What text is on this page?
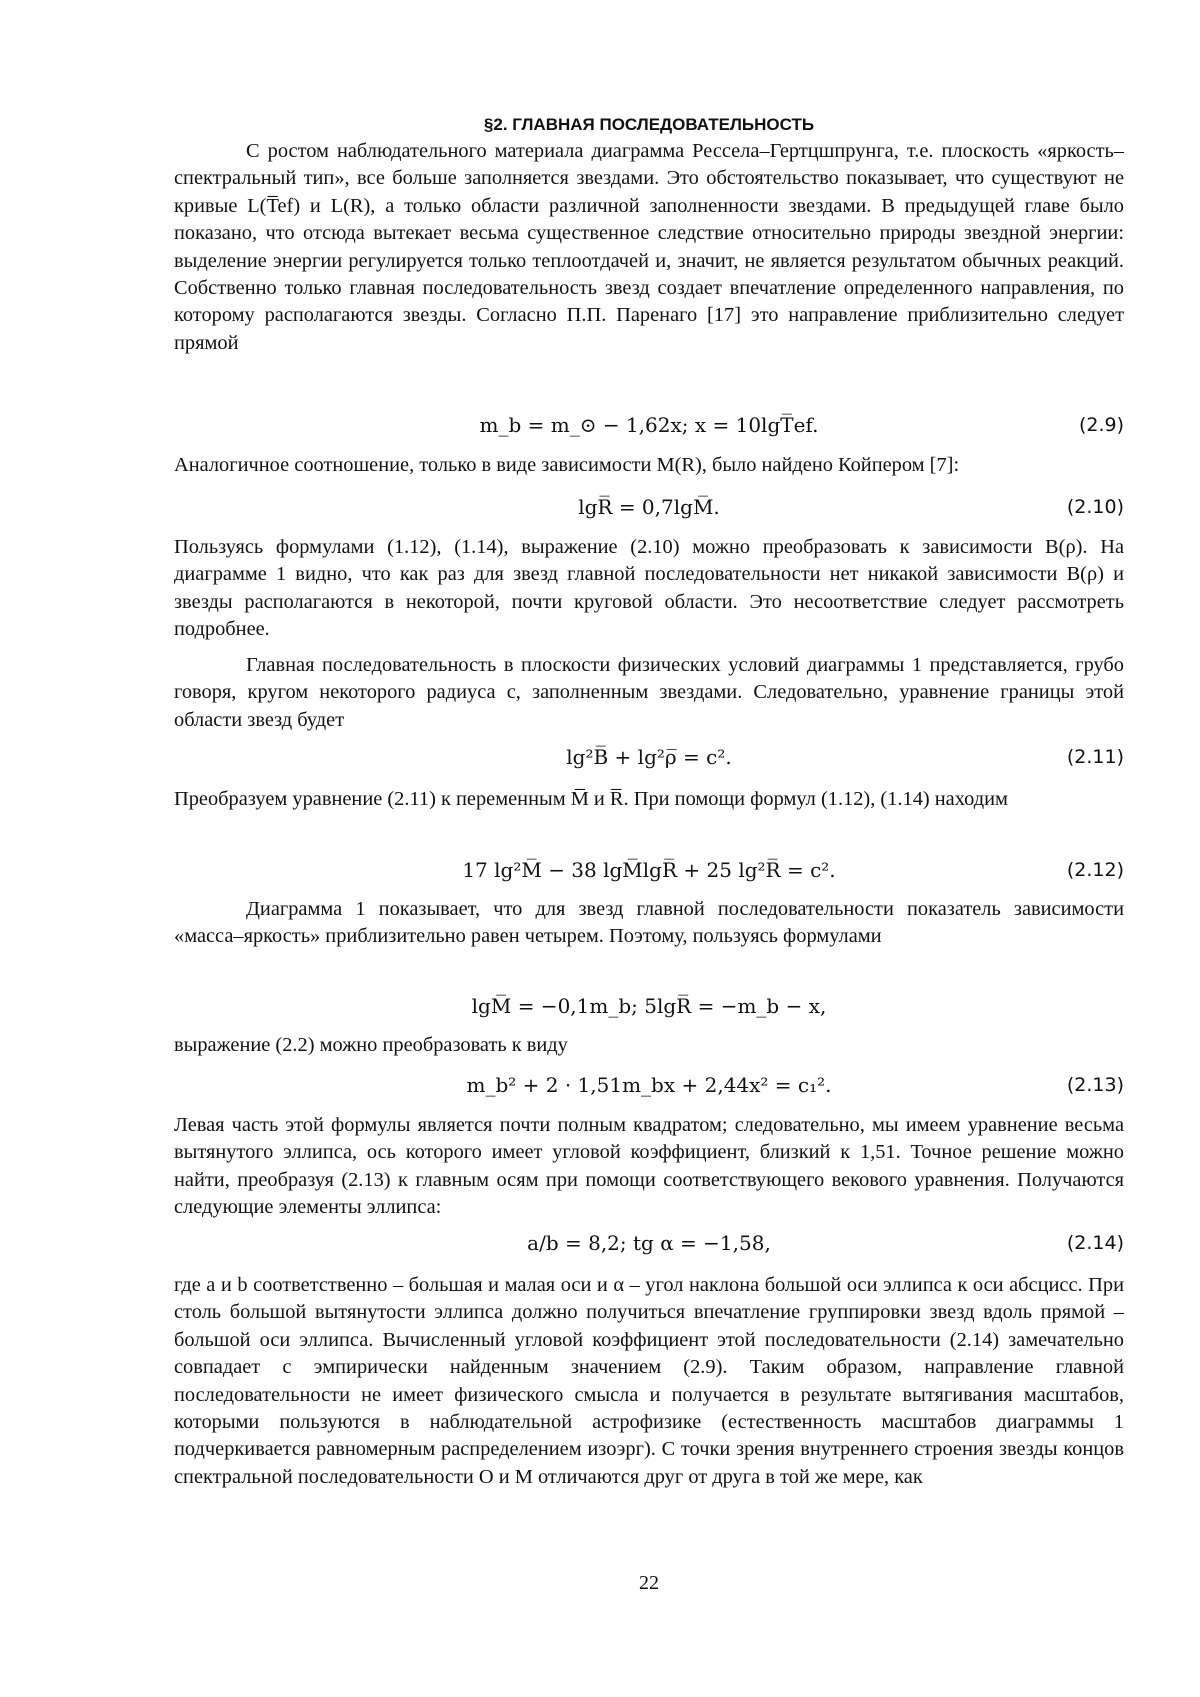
§2. ГЛАВНАЯ ПОСЛЕДОВАТЕЛЬНОСТЬ
С ростом наблюдательного материала диаграмма Рессела–Гертцшпрунга, т.е. плоскость «яркость–спектральный тип», все больше заполняется звездами. Это обстоятельство показывает, что существуют не кривые L(T̅ef) и L(R), а только области различной заполненности звездами. В предыдущей главе было показано, что отсюда вытекает весьма существенное следствие относительно природы звездной энергии: выделение энергии регулируется только теплоотдачей и, значит, не является результатом обычных реакций. Собственно только главная последовательность звезд создает впечатление определенного направления, по которому располагаются звезды. Согласно П.П. Паренаго [17] это направление приблизительно следует прямой
m_b = m_⊙ − 1,62x; x = 10lgT̅ef.	(2.9)
Аналогичное соотношение, только в виде зависимости M(R), было найдено Койпером [7]:
lgR̅ = 0,7lgM̅.	(2.10)
Пользуясь формулами (1.12), (1.14), выражение (2.10) можно преобразовать к зависимости B(ρ). На диаграмме 1 видно, что как раз для звезд главной последовательности нет никакой зависимости B(ρ) и звезды располагаются в некоторой, почти круговой области. Это несоответствие следует рассмотреть подробнее.
Главная последовательность в плоскости физических условий диаграммы 1 представляется, грубо говоря, кругом некоторого радиуса c, заполненным звездами. Следовательно, уравнение границы этой области звезд будет
lg²B̅ + lg²ρ̅ = c².	(2.11)
Преобразуем уравнение (2.11) к переменным M̅ и R̅. При помощи формул (1.12), (1.14) находим
17 lg²M̅ − 38 lgM̅lgR̅ + 25 lg²R̅ = c².	(2.12)
Диаграмма 1 показывает, что для звезд главной последовательности показатель зависимости «масса–яркость» приблизительно равен четырем. Поэтому, пользуясь формулами
lgM̅ = −0,1m_b; 5lgR̅ = −m_b − x,
выражение (2.2) можно преобразовать к виду
m_b² + 2 · 1,51m_bx + 2,44x² = c₁².	(2.13)
Левая часть этой формулы является почти полным квадратом; следовательно, мы имеем уравнение весьма вытянутого эллипса, ось которого имеет угловой коэффициент, близкий к 1,51. Точное решение можно найти, преобразуя (2.13) к главным осям при помощи соответствующего векового уравнения. Получаются следующие элементы эллипса:
a/b = 8,2; tg α = −1,58,	(2.14)
где a и b соответственно – большая и малая оси и α – угол наклона большой оси эллипса к оси абсцисс. При столь большой вытянутости эллипса должно получиться впечатление группировки звезд вдоль прямой – большой оси эллипса. Вычисленный угловой коэффициент этой последовательности (2.14) замечательно совпадает с эмпирически найденным значением (2.9). Таким образом, направление главной последовательности не имеет физического смысла и получается в результате вытягивания масштабов, которыми пользуются в наблюдательной астрофизике (естественность масштабов диаграммы 1 подчеркивается равномерным распределением изоэрг). С точки зрения внутреннего строения звезды концов спектральной последовательности O и M отличаются друг от друга в той же мере, как
22
